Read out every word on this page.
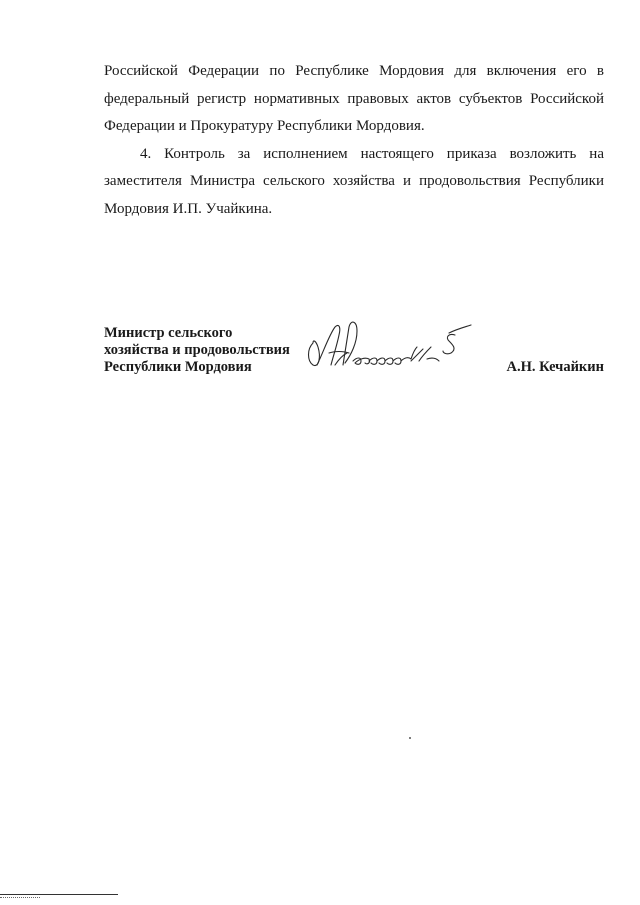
Российской Федерации по Республике Мордовия для включения его в федеральный регистр нормативных правовых актов субъектов Российской Федерации и Прокуратуру Республики Мордовия.

4. Контроль за исполнением настоящего приказа возложить на заместителя Министра сельского хозяйства и продовольствия Республики Мордовия И.П. Учайкина.

Министр сельского
хозяйства и продовольствия
Республики Мордовия	А.Н. Кечайкин
